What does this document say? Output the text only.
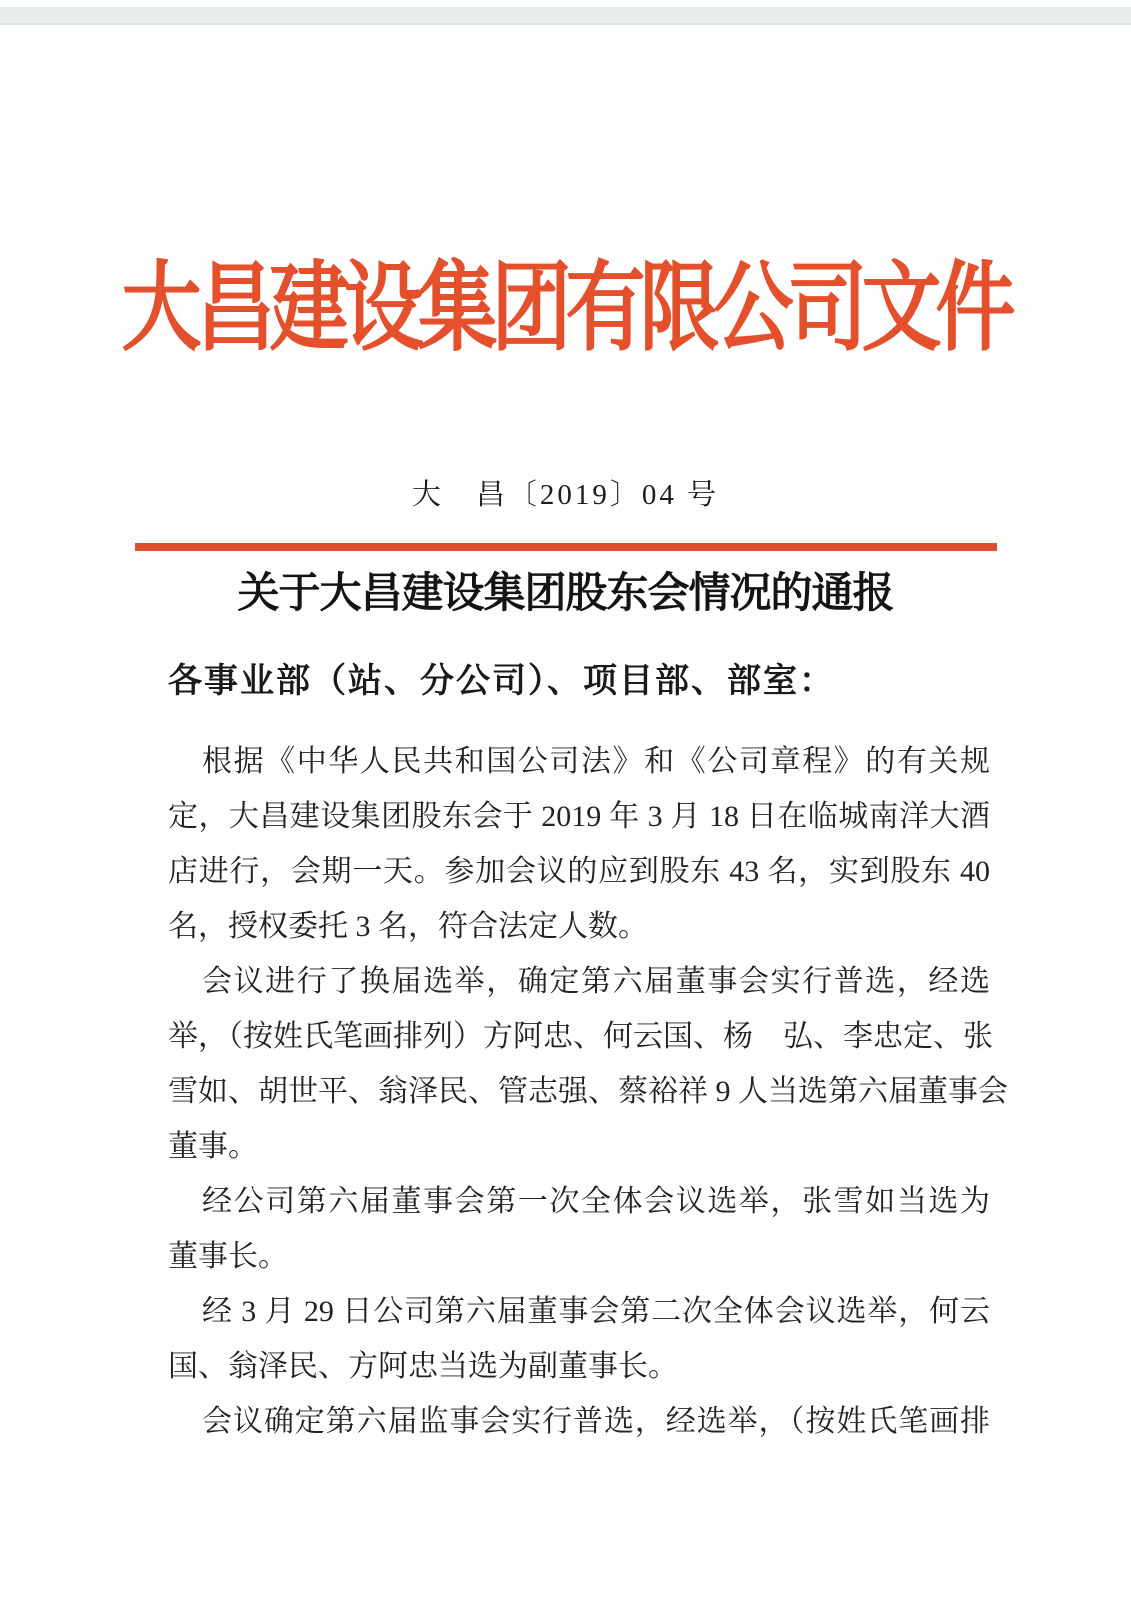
大昌建设集团有限公司文件
大　昌〔2019〕04 号
关于大昌建设集团股东会情况的通报
各事业部（站、分公司）、项目部、部室：
根据《中华人民共和国公司法》和《公司章程》的有关规
定，大昌建设集团股东会于 2019 年 3 月 18 日在临城南洋大酒
店进行，会期一天。参加会议的应到股东 43 名，实到股东 40
名，授权委托 3 名，符合法定人数。
会议进行了换届选举，确定第六届董事会实行普选，经选
举，（按姓氏笔画排列）方阿忠、何云国、杨　弘、李忠定、张
雪如、胡世平、翁泽民、管志强、蔡裕祥 9 人当选第六届董事会
董事。
经公司第六届董事会第一次全体会议选举，张雪如当选为
董事长。
经 3 月 29 日公司第六届董事会第二次全体会议选举，何云
国、翁泽民、方阿忠当选为副董事长。
会议确定第六届监事会实行普选，经选举，（按姓氏笔画排
